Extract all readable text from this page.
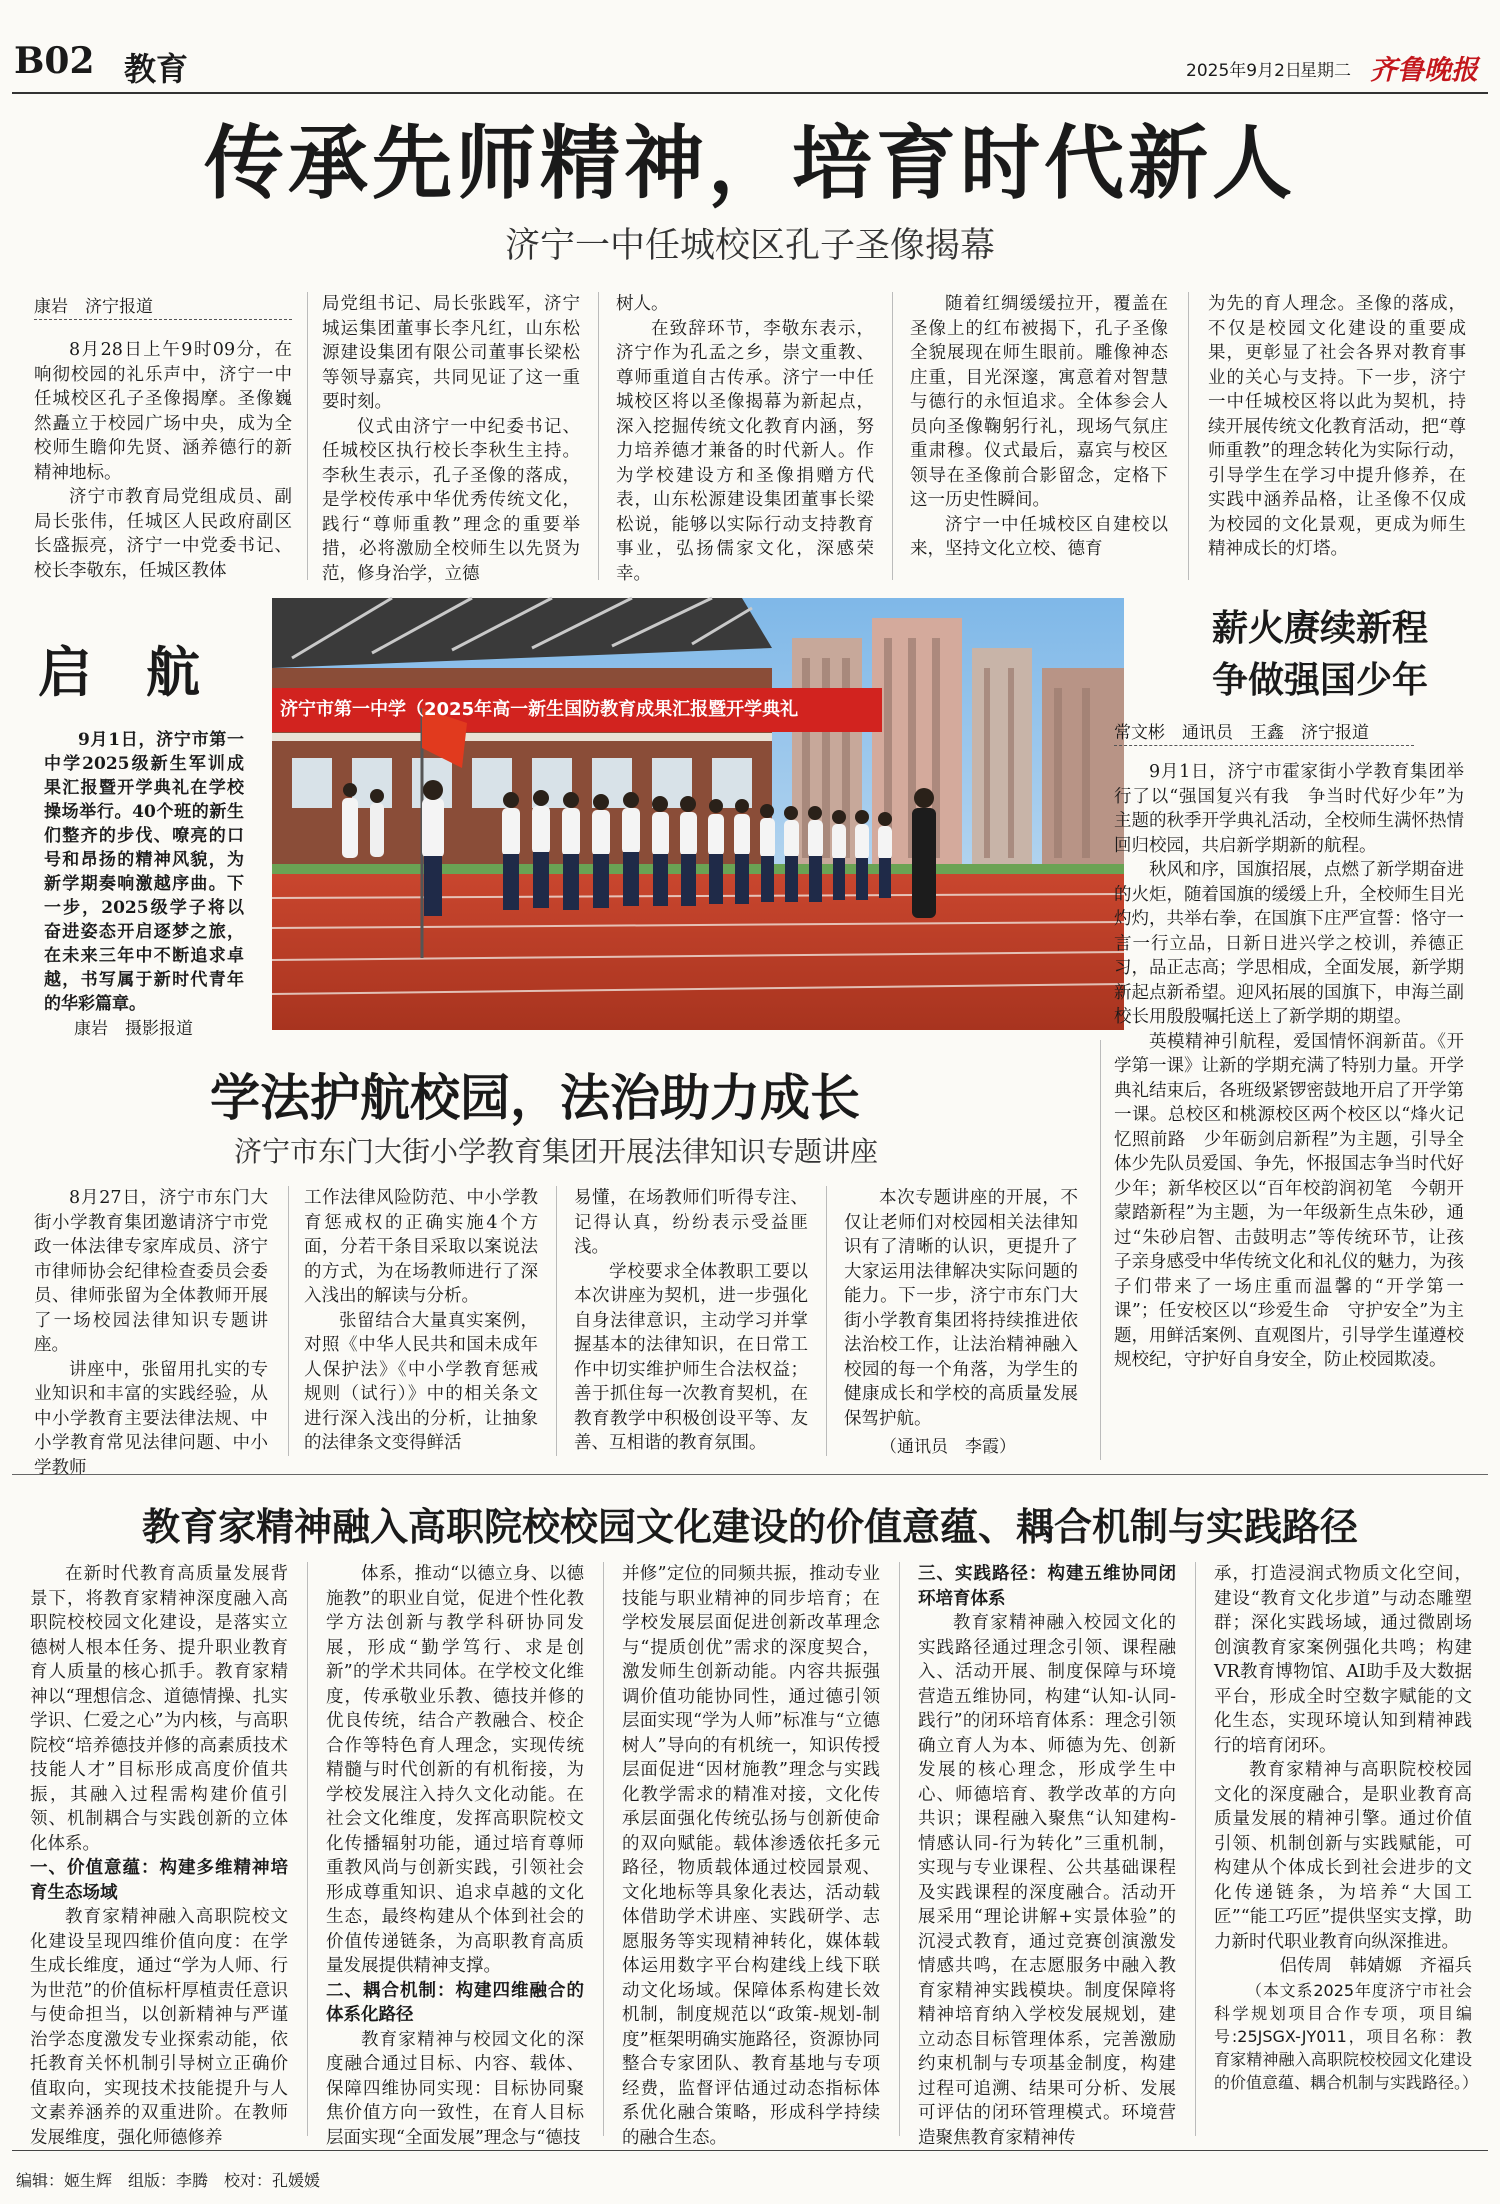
B02 教育	2025年9月2日
星期二 齐鲁晚报
传承先师精神，培育时代新人
济宁一中任城校区孔子圣像揭幕
康岩　济宁报道

8月28日上午9时09分，在响彻校园的礼乐声中，济宁一中任城校区孔子圣像揭摩。圣像巍然矗立于校园广场中央，成为全校师生瞻仰先贤、涵养德行的新精神地标。

济宁市教育局党组成员、副局长张伟，任城区人民政府副区长盛振亮，济宁一中党委书记、校长李敬东，任城区教体

局党组书记、局长张践军，济宁城运集团董事长李凡红，山东松源建设集团有限公司董事长梁松等领导嘉宾，共同见证了这一重要时刻。

仪式由济宁一中纪委书记、任城校区执行校长李秋生主持。李秋生表示，孔子圣像的落成，是学校传承中华优秀传统文化，践行“尊师重教”理念的重要举措，必将激励全校师生以先贤为范，修身治学，立德

树人。

在致辞环节，李敬东表示，济宁作为孔孟之乡，崇文重教、尊师重道自古传承。济宁一中任城校区将以圣像揭幕为新起点，深入挖掘传统文化教育内涵，努力培养德才兼备的时代新人。作为学校建设方和圣像捐赠方代表，山东松源建设集团董事长梁松说，能够以实际行动支持教育事业，弘扬儒家文化，深感荣幸。

随着红绸缓缓拉开，覆盖在圣像上的红布被揭下，孔子圣像全貌展现在师生眼前。雕像神态庄重，目光深邃，寓意着对智慧与德行的永恒追求。全体参会人员向圣像鞠躬行礼，现场气氛庄重肃穆。仪式最后，嘉宾与校区领导在圣像前合影留念，定格下这一历史性瞬间。

济宁一中任城校区自建校以来，坚持文化立校、德育

为先的育人理念。圣像的落成，不仅是校园文化建设的重要成果，更彰显了社会各界对教育事业的关心与支持。下一步，济宁一中任城校区将以此为契机，持续开展传统文化教育活动，把“尊师重教”的理念转化为实际行动，引导学生在学习中提升修养，在实践中涵养品格，让圣像不仅成为校园的文化景观，更成为师生精神成长的灯塔。

启　航

9月1日，济宁市第一中学2025级新生军训成果汇报暨开学典礼在学校操场举行。40个班的新生们整齐的步伐、嘹亮的口号和昂扬的精神风貌，为新学期奏响激越序曲。下一步，2025级学子将以奋进姿态开启逐梦之旅，在未来三年中不断追求卓越，书写属于新时代青年的华彩篇章。

康岩　摄影报道
济宁市第一中学（2025年高一新生国防教育成果汇报暨开学典礼
薪火赓续新程
争做强国少年
常文彬　通讯员　王鑫　济宁报道

9月1日，济宁市霍家街小学教育集团举行了以“强国复兴有我　争当时代好少年”为主题的秋季开学典礼活动，全校师生满怀热情回归校园，共启新学期新的航程。

秋风和序，国旗招展，点燃了新学期奋进的火炬，随着国旗的缓缓上升，全校师生目光灼灼，共举右拳，在国旗下庄严宣誓：恪守一言一行立品，日新日进兴学之校训，养德正习，品正志高；学思相成，全面发展，新学期新起点新希望。迎风拓展的国旗下，申海兰副校长用殷殷嘱托送上了新学期的期望。

英模精神引航程，爱国情怀润新苗。《开学第一课》让新的学期充满了特别力量。开学典礼结束后，各班级紧锣密鼓地开启了开学第一课。总校区和桃源校区两个校区以“烽火记忆照前路　少年砺剑启新程”为主题，引导全体少先队员爱国、争先，怀报国志争当时代好少年；新华校区以“百年校韵润初笔　今朝开蒙踏新程”为主题，为一年级新生点朱砂，通过“朱砂启智、击鼓明志”等传统环节，让孩子亲身感受中华传统文化和礼仪的魅力，为孩子们带来了一场庄重而温馨的“开学第一课”；任安校区以“珍爱生命　守护安全”为主题，用鲜活案例、直观图片，引导学生谨遵校规校纪，守护好自身安全，防止校园欺凌。

学法护航校园，法治助力成长
济宁市东门大街小学教育集团开展法律知识专题讲座

8月27日，济宁市东门大街小学教育集团邀请济宁市党政一体法律专家库成员、济宁市律师协会纪律检查委员会委员、律师张留为全体教师开展了一场校园法律知识专题讲座。

讲座中，张留用扎实的专业知识和丰富的实践经验，从中小学教育主要法律法规、中小学教育常见法律问题、中小学教师

工作法律风险防范、中小学教育惩戒权的正确实施4个方面，分若干条目采取以案说法的方式，为在场教师进行了深入浅出的解读与分析。

张留结合大量真实案例，对照《中华人民共和国未成年人保护法》《中小学教育惩戒规则（试行）》中的相关条文进行深入浅出的分析，让抽象的法律条文变得鲜活

易懂，在场教师们听得专注、记得认真，纷纷表示受益匪浅。

学校要求全体教职工要以本次讲座为契机，进一步强化自身法律意识，主动学习并掌握基本的法律知识，在日常工作中切实维护师生合法权益；善于抓住每一次教育契机，在教育教学中积极创设平等、友善、互相谐的教育氛围。

本次专题讲座的开展，不仅让老师们对校园相关法律知识有了清晰的认识，更提升了大家运用法律解决实际问题的能力。下一步，济宁市东门大街小学教育集团将持续推进依法治校工作，让法治精神融入校园的每一个角落，为学生的健康成长和学校的高质量发展保驾护航。

（通讯员　李霞）
教育家精神融入高职院校校园文化建设的价值意蕴、耦合机制与实践路径

在新时代教育高质量发展背景下，将教育家精神深度融入高职院校校园文化建设，是落实立德树人根本任务、提升职业教育育人质量的核心抓手。教育家精神以“理想信念、道德情操、扎实学识、仁爱之心”为内核，与高职院校“培养德技并修的高素质技术技能人才”目标形成高度价值共振，其融入过程需构建价值引领、机制耦合与实践创新的立体化体系。

一、价值意蕴：构建多维精神培育生态场域

教育家精神融入高职院校文化建设呈现四维价值向度：在学生成长维度，通过“学为人师、行为世范”的价值标杆厚植责任意识与使命担当，以创新精神与严谨治学态度激发专业探索动能，依托教育关怀机制引导树立正确价值取向，实现技术技能提升与人文素养涵养的双重进阶。在教师发展维度，强化师德修养

体系，推动“以德立身、以德施教”的职业自觉，促进个性化教学方法创新与教学科研协同发展，形成“勤学笃行、求是创新”的学术共同体。在学校文化维度，传承敬业乐教、德技并修的优良传统，结合产教融合、校企合作等特色育人理念，实现传统精髓与时代创新的有机衔接，为学校发展注入持久文化动能。在社会文化维度，发挥高职院校文化传播辐射功能，通过培育尊师重教风尚与创新实践，引领社会形成尊重知识、追求卓越的文化生态，最终构建从个体到社会的价值传递链条，为高职教育高质量发展提供精神支撑。

二、耦合机制：构建四维融合的体系化路径

教育家精神与校园文化的深度融合通过目标、内容、载体、保障四维协同实现：目标协同聚焦价值方向一致性，在育人目标层面实现“全面发展”理念与“德技

并修”定位的同频共振，推动专业技能与职业精神的同步培育；在学校发展层面促进创新改革理念与“提质创优”需求的深度契合，激发师生创新动能。内容共振强调价值功能协同性，通过德引领层面实现“学为人师”标准与“立德树人”导向的有机统一，知识传授层面促进“因材施教”理念与实践化教学需求的精准对接，文化传承层面强化传统弘扬与创新使命的双向赋能。载体渗透依托多元路径，物质载体通过校园景观、文化地标等具象化表达，活动载体借助学术讲座、实践研学、志愿服务等实现精神转化，媒体载体运用数字平台构建线上线下联动文化场域。保障体系构建长效机制，制度规范以“政策-规划-制度”框架明确实施路径，资源协同整合专家团队、教育基地与专项经费，监督评估通过动态指标体系优化融合策略，形成科学持续的融合生态。

三、实践路径：构建五维协同闭环培育体系

教育家精神融入校园文化的实践路径通过理念引领、课程融入、活动开展、制度保障与环境营造五维协同，构建“认知-认同-践行”的闭环培育体系：理念引领确立育人为本、师德为先、创新发展的核心理念，形成学生中心、师德培育、教学改革的方向共识；课程融入聚焦“认知建构-情感认同-行为转化”三重机制，实现与专业课程、公共基础课程及实践课程的深度融合。活动开展采用“理论讲解+实景体验”的沉浸式教育，通过竞赛创演激发情感共鸣，在志愿服务中融入教育家精神实践模块。制度保障将精神培育纳入学校发展规划，建立动态目标管理体系，完善激励约束机制与专项基金制度，构建过程可追溯、结果可分析、发展可评估的闭环管理模式。环境营造聚焦教育家精神传

承，打造浸润式物质文化空间，建设“教育文化步道”与动态雕塑群；深化实践场域，通过微剧场创演教育家案例强化共鸣；构建VR教育博物馆、AI助手及大数据平台，形成全时空数字赋能的文化生态，实现环境认知到精神践行的培育闭环。

教育家精神与高职院校校园文化的深度融合，是职业教育高质量发展的精神引擎。通过价值引领、机制创新与实践赋能，可构建从个体成长到社会进步的文化传递链条，为培养“大国工匠”“能工巧匠”提供坚实支撑，助力新时代职业教育向纵深推进。

侣传周　韩婧嫄　齐福兵

（本文系2025年度济宁市社会科学规划项目合作专项，项目编号:25JSGX-JY011，项目名称：教育家精神融入高职院校校园文化建设的价值意蕴、耦合机制与实践路径。）

编辑：姬生辉　组版：李腾　校对：孔媛媛
